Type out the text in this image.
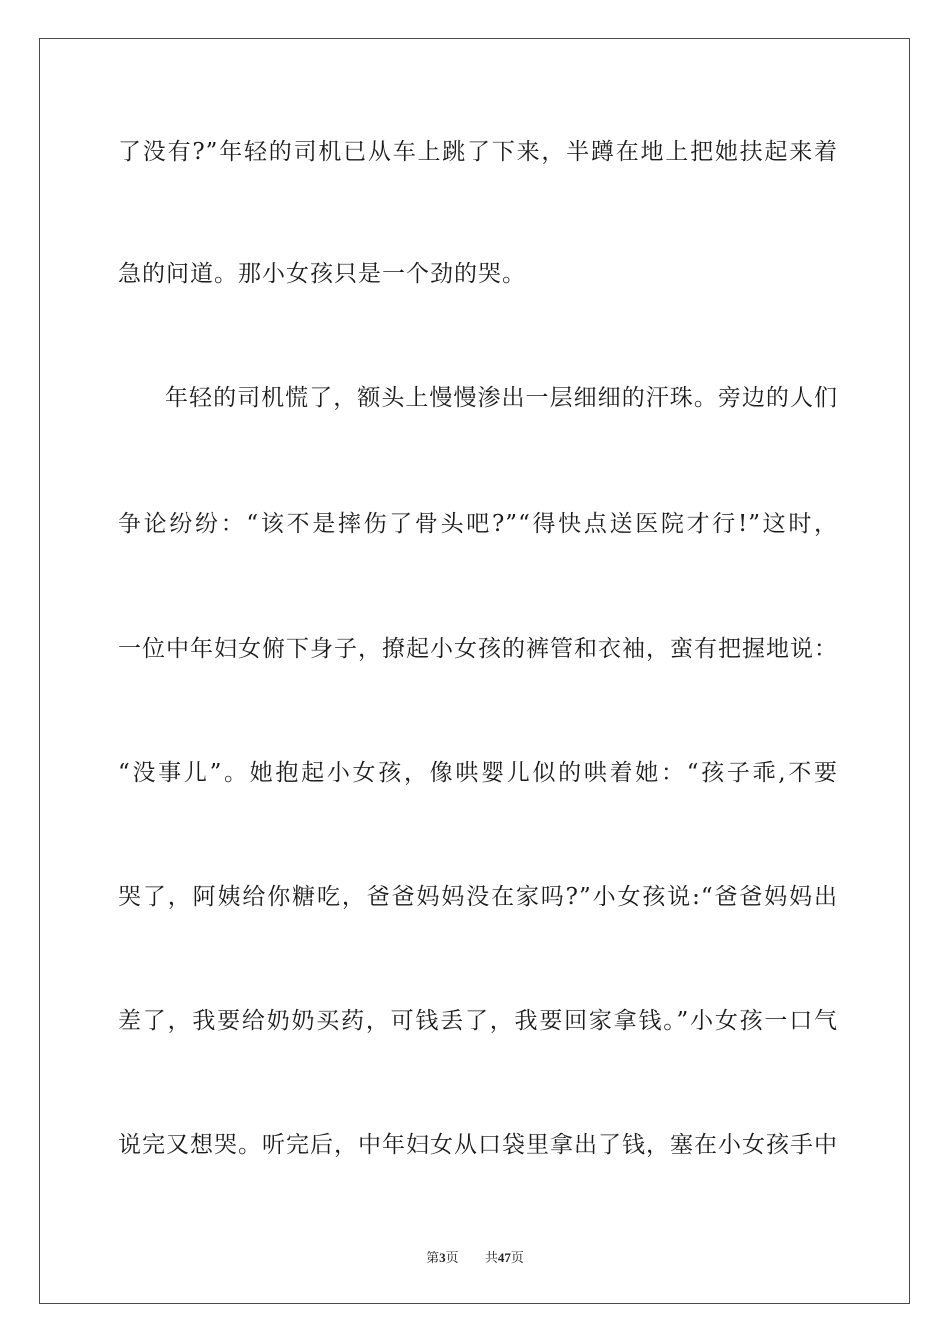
了没有?”年轻的司机已从车上跳了下来，半蹲在地上把她扶起来着
急的问道。那小女孩只是一个劲的哭。
年轻的司机慌了，额头上慢慢渗出一层细细的汗珠。旁边的人们
争论纷纷：“该不是摔伤了骨头吧?”“得快点送医院才行!”这时，
一位中年妇女俯下身子，撩起小女孩的裤管和衣袖，蛮有把握地说：
“没事儿”。她抱起小女孩，像哄婴儿似的哄着她：“孩子乖,不要
哭了，阿姨给你糖吃，爸爸妈妈没在家吗?”小女孩说:“爸爸妈妈出
差了，我要给奶奶买药，可钱丢了，我要回家拿钱。”小女孩一口气
说完又想哭。听完后，中年妇女从口袋里拿出了钱，塞在小女孩手中
第3页 共47页
